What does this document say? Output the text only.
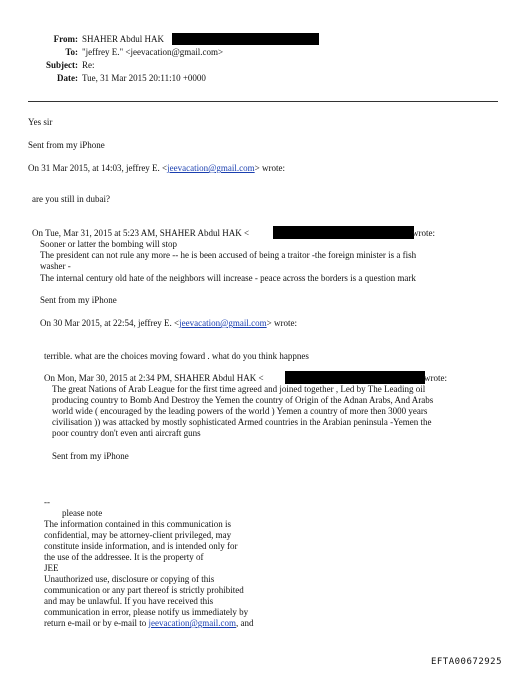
From: SHAHER Abdul HAK
To: "jeffrey E." <jeevacation@gmail.com>
Subject: Re:
Date: Tue, 31 Mar 2015 20:11:10 +0000
Yes sir
Sent from my iPhone
On 31 Mar 2015, at 14:03, jeffrey E. <jeevacation@gmail.com> wrote:
are you still in dubai?
On Tue, Mar 31, 2015 at 5:23 AM, SHAHER Abdul HAK <	wrote:
Sooner or latter the bombing will stop
The president can not rule any more -- he is been accused of being a traitor -the foreign minister is a fish
washer -
The internal century old hate of the neighbors will increase - peace across the borders is a question mark
Sent from my iPhone
On 30 Mar 2015, at 22:54, jeffrey E. <jeevacation@gmail.com> wrote:
terrible. what are the choices moving foward . what do you think happnes
On Mon, Mar 30, 2015 at 2:34 PM, SHAHER Abdul HAK <	wrote:
The great Nations of Arab League for the first time agreed and joined together , Led by The Leading oil
producing country to Bomb And Destroy the Yemen the country of Origin of the Adnan Arabs, And Arabs
world wide ( encouraged by the leading powers of the world ) Yemen a country of more then 3000 years
civilisation )) was attacked by mostly sophisticated Armed countries in the Arabian peninsula -Yemen the
poor country don't even anti aircraft guns
Sent from my iPhone
--
please note
The information contained in this communication is
confidential, may be attorney-client privileged, may
constitute inside information, and is intended only for
the use of the addressee. It is the property of
JEE
Unauthorized use, disclosure or copying of this
communication or any part thereof is strictly prohibited
and may be unlawful. If you have received this
communication in error, please notify us immediately by
return e-mail or by e-mail to jeevacation@gmail.com, and
EFTA00672925
